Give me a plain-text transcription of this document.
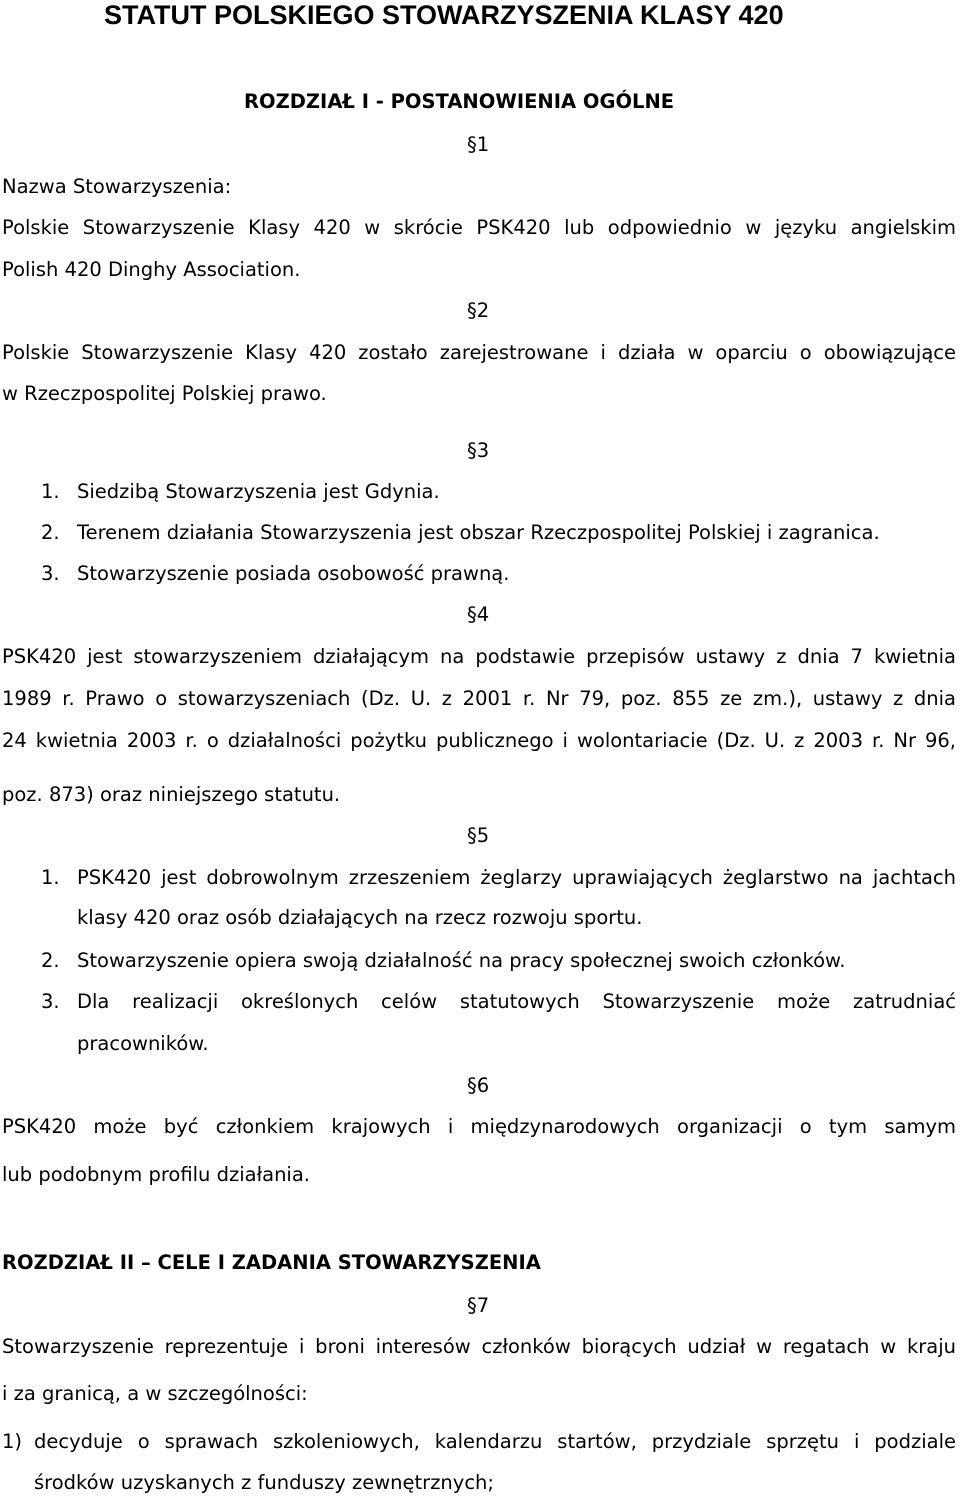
STATUT POLSKIEGO STOWARZYSZENIA KLASY 420
ROZDZIAŁ I - POSTANOWIENIA OGÓLNE
§1
Nazwa Stowarzyszenia:
Polskie Stowarzyszenie Klasy 420 w skrócie PSK420 lub odpowiednio w języku angielskim
Polish 420 Dinghy Association.
§2
Polskie Stowarzyszenie Klasy 420 zostało zarejestrowane i działa w oparciu o obowiązujące
w Rzeczpospolitej Polskiej prawo.
§3
1. Siedzibą Stowarzyszenia jest Gdynia.
2. Terenem działania Stowarzyszenia jest obszar Rzeczpospolitej Polskiej i zagranica.
3. Stowarzyszenie posiada osobowość prawną.
§4
PSK420 jest stowarzyszeniem działającym na podstawie przepisów ustawy z dnia 7 kwietnia
1989 r. Prawo o stowarzyszeniach (Dz. U. z 2001 r. Nr 79, poz. 855 ze zm.), ustawy z dnia
24 kwietnia 2003 r. o działalności pożytku publicznego i wolontariacie (Dz. U. z 2003 r. Nr 96,
poz. 873) oraz niniejszego statutu.
§5
1. PSK420 jest dobrowolnym zrzeszeniem żeglarzy uprawiających żeglarstwo na jachtach
klasy 420 oraz osób działających na rzecz rozwoju sportu.
2. Stowarzyszenie opiera swoją działalność na pracy społecznej swoich członków.
3. Dla realizacji określonych celów statutowych Stowarzyszenie może zatrudniać
pracowników.
§6
PSK420 może być członkiem krajowych i międzynarodowych organizacji o tym samym
lub podobnym profilu działania.
ROZDZIAŁ II – CELE I ZADANIA STOWARZYSZENIA
§7
Stowarzyszenie reprezentuje i broni interesów członków biorących udział w regatach w kraju
i za granicą, a w szczególności:
1) decyduje o sprawach szkoleniowych, kalendarzu startów, przydziale sprzętu i podziale
środków uzyskanych z funduszy zewnętrznych;
